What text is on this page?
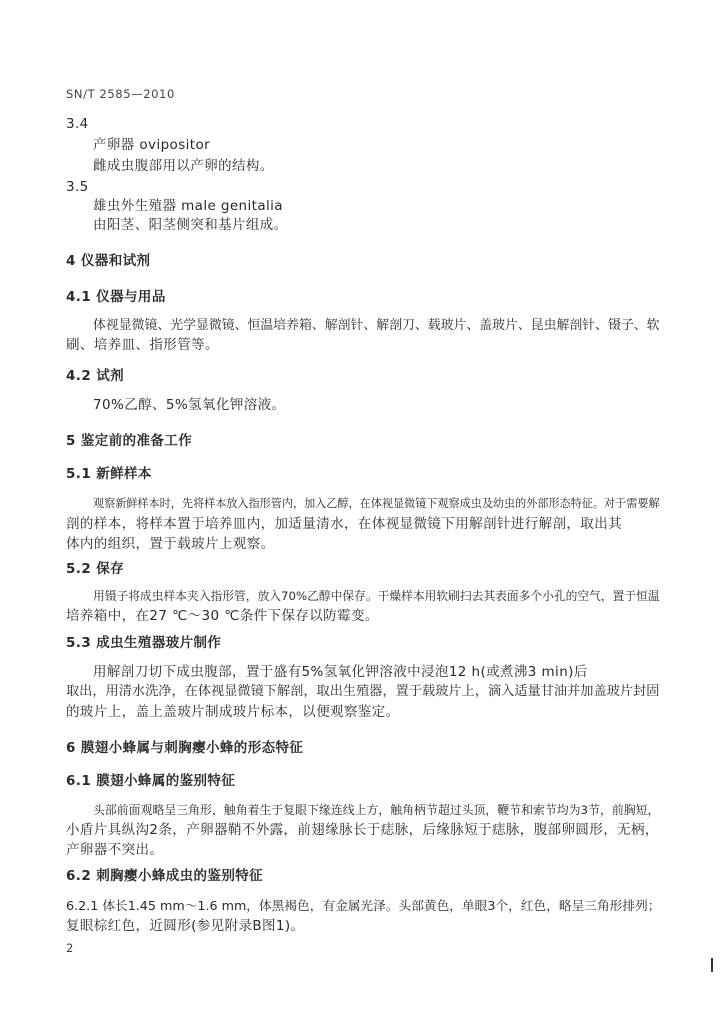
SN/T 2585—2010
3.4
产卵器 ovipositor
雌成虫腹部用以产卵的结构。
3.5
雄虫外生殖器 male genitalia
由阳茎、阳茎侧突和基片组成。
4 仪器和试剂
4.1 仪器与用品
体视显微镜、光学显微镜、恒温培养箱、解剖针、解剖刀、载玻片、盖玻片、昆虫解剖针、镊子、软
刷、培养皿、指形管等。
4.2 试剂
70%乙醇、5%氢氧化钾溶液。
5 鉴定前的准备工作
5.1 新鲜样本
观察新鲜样本时，先将样本放入指形管内，加入乙醇，在体视显微镜下观察成虫及幼虫的外部形态特征。对于需要解
剖的样本，将样本置于培养皿内，加适量清水，在体视显微镜下用解剖针进行解剖，取出其
体内的组织，置于载玻片上观察。
5.2 保存
用镊子将成虫样本夹入指形管，放入70%乙醇中保存。干燥样本用软刷扫去其表面多个小孔的空气，置于恒温
培养箱中，在27 ℃～30 ℃条件下保存以防霉变。
5.3 成虫生殖器玻片制作
用解剖刀切下成虫腹部，置于盛有5%氢氧化钾溶液中浸泡12 h(或煮沸3 min)后
取出，用清水洗净，在体视显微镜下解剖，取出生殖器，置于载玻片上，滴入适量甘油并加盖玻片封固
的玻片上，盖上盖玻片制成玻片标本，以便观察鉴定。
6 膜翅小蜂属与刺胸瘿小蜂的形态特征
6.1 膜翅小蜂属的鉴别特征
头部前面观略呈三角形，触角着生于复眼下缘连线上方，触角柄节超过头顶，鞭节和索节均为3节，前胸短，
小盾片具纵沟2条，产卵器鞘不外露，前翅缘脉长于痣脉，后缘脉短于痣脉，腹部卵圆形，无柄，
产卵器不突出。
6.2 刺胸瘿小蜂成虫的鉴别特征
6.2.1 体长1.45 mm～1.6 mm，体黑褐色，有金属光泽。头部黄色，单眼3个，红色，略呈三角形排列；
复眼棕红色，近圆形(参见附录B图1)。
2
